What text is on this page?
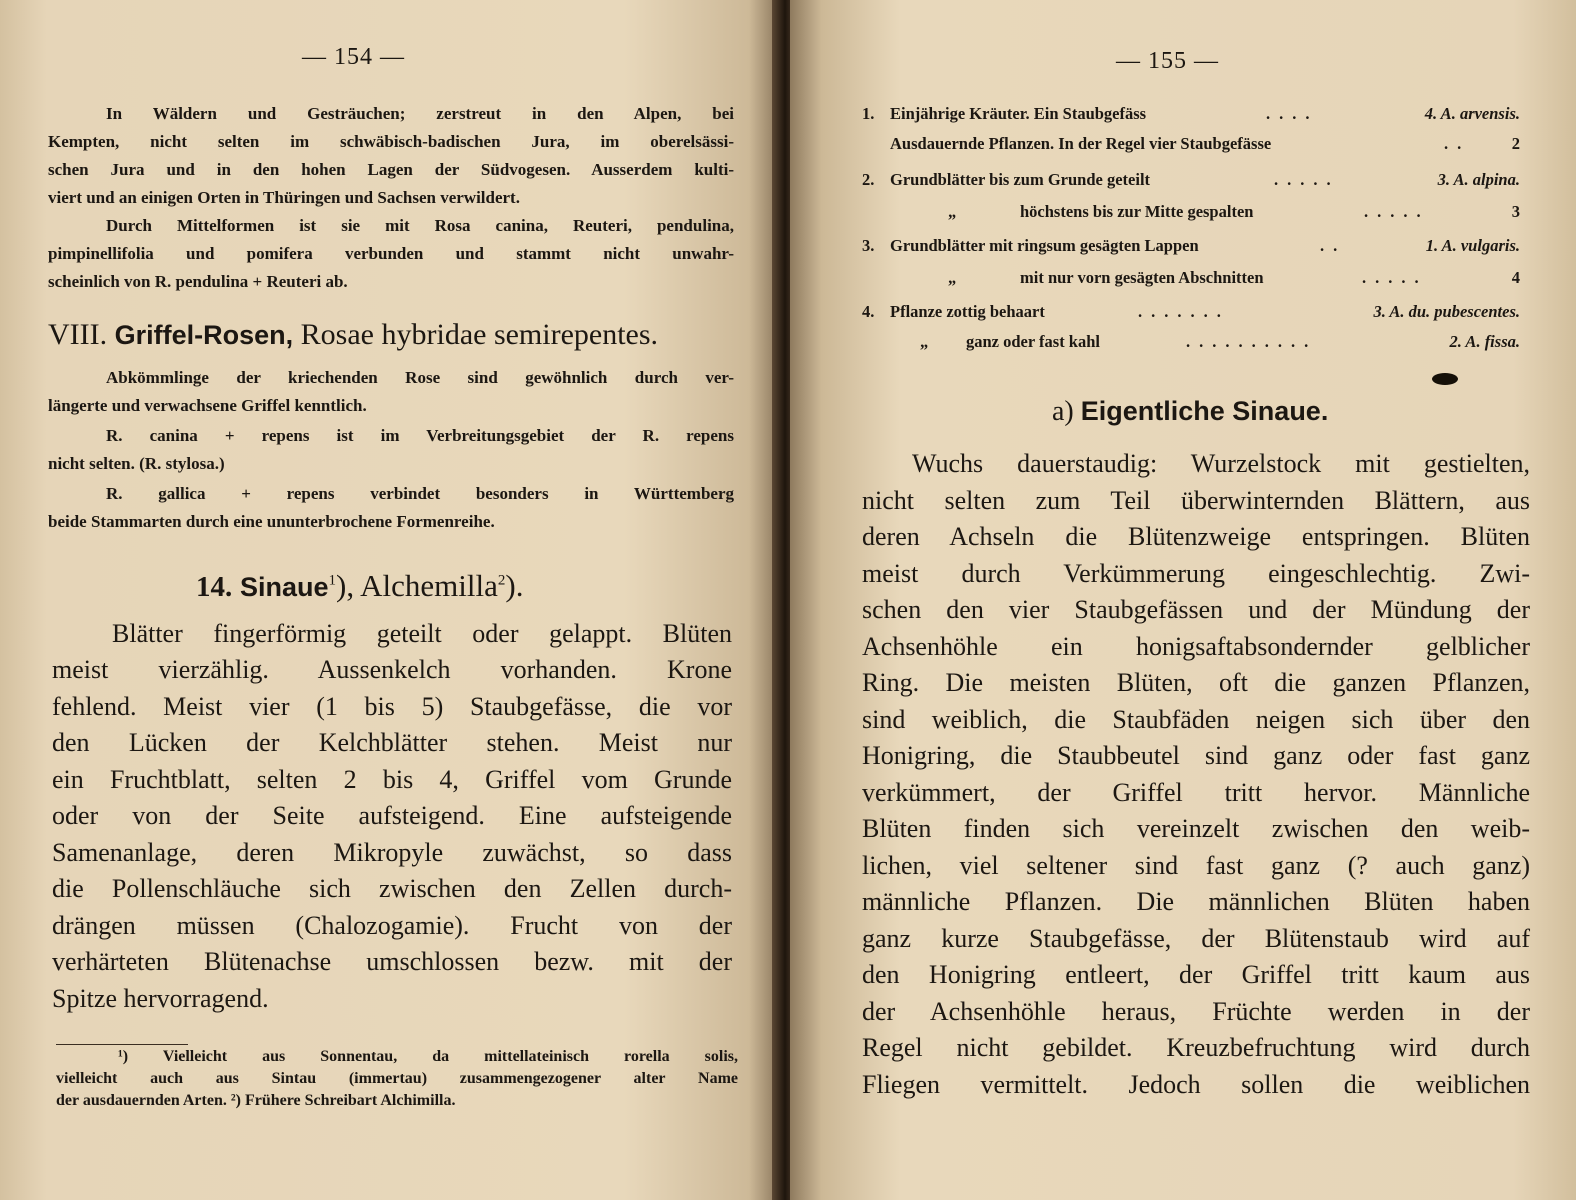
— 154 —
In Wäldern und Gesträuchen; zerstreut in den Alpen, bei
Kempten, nicht selten im schwäbisch-badischen Jura, im oberelsässi-
schen Jura und in den hohen Lagen der Südvogesen. Ausserdem kulti-
viert und an einigen Orten in Thüringen und Sachsen verwildert.
Durch Mittelformen ist sie mit Rosa canina, Reuteri, pendulina,
pimpinellifolia und pomifera verbunden und stammt nicht unwahr-
scheinlich von R. pendulina + Reuteri ab.
VIII. Griffel-Rosen, Rosae hybridae semirepentes.
Abkömmlinge der kriechenden Rose sind gewöhnlich durch ver-
längerte und verwachsene Griffel kenntlich.
R. canina + repens ist im Verbreitungsgebiet der R. repens
nicht selten. (R. stylosa.)
R. gallica + repens verbindet besonders in Württemberg
beide Stammarten durch eine ununterbrochene Formenreihe.
14. Sinaue$^1$), Alchemilla$^2$).
Blätter fingerförmig geteilt oder gelappt. Blüten
meist vierzählig. Aussenkelch vorhanden. Krone
fehlend. Meist vier (1 bis 5) Staubgefässe, die vor
den Lücken der Kelchblätter stehen. Meist nur
ein Fruchtblatt, selten 2 bis 4, Griffel vom Grunde
oder von der Seite aufsteigend. Eine aufsteigende
Samenanlage, deren Mikropyle zuwächst, so dass
die Pollenschläuche sich zwischen den Zellen durch-
drängen müssen (Chalozogamie). Frucht von der
verhärteten Blütenachse umschlossen bezw. mit der
Spitze hervorragend.
¹) Vielleicht aus Sonnentau, da mittellateinisch rorella solis,
vielleicht auch aus Sintau (immertau) zusammengezogener alter Name
der ausdauernden Arten. ²) Frühere Schreibart Alchimilla.
— 155 —
1. Einjährige Kräuter. Ein Staubgefäss	....	4. A. arvensis.
Ausdauernde Pflanzen. In der Regel vier Staubgefässe	..	2
2. Grundblätter bis zum Grunde geteilt	.....	3. A. alpina.
„	höchstens bis zur Mitte gespalten	.....	3
3. Grundblätter mit ringsum gesägten Lappen	..	1. A. vulgaris.
„	mit nur vorn gesägten Abschnitten	.....	4
4. Pflanze zottig behaart	.......	3. A. du. pubescentes.
„ ganz oder fast kahl	..........	2. A. fissa.
a) Eigentliche Sinaue.
Wuchs dauerstaudig: Wurzelstock mit gestielten,
nicht selten zum Teil überwinternden Blättern, aus
deren Achseln die Blütenzweige entspringen. Blüten
meist durch Verkümmerung eingeschlechtig. Zwi-
schen den vier Staubgefässen und der Mündung der
Achsenhöhle ein honigsaftabsondernder gelblicher
Ring. Die meisten Blüten, oft die ganzen Pflanzen,
sind weiblich, die Staubfäden neigen sich über den
Honigring, die Staubbeutel sind ganz oder fast ganz
verkümmert, der Griffel tritt hervor. Männliche
Blüten finden sich vereinzelt zwischen den weib-
lichen, viel seltener sind fast ganz (? auch ganz)
männliche Pflanzen. Die männlichen Blüten haben
ganz kurze Staubgefässe, der Blütenstaub wird auf
den Honigring entleert, der Griffel tritt kaum aus
der Achsenhöhle heraus, Früchte werden in der
Regel nicht gebildet. Kreuzbefruchtung wird durch
Fliegen vermittelt. Jedoch sollen die weiblichen
